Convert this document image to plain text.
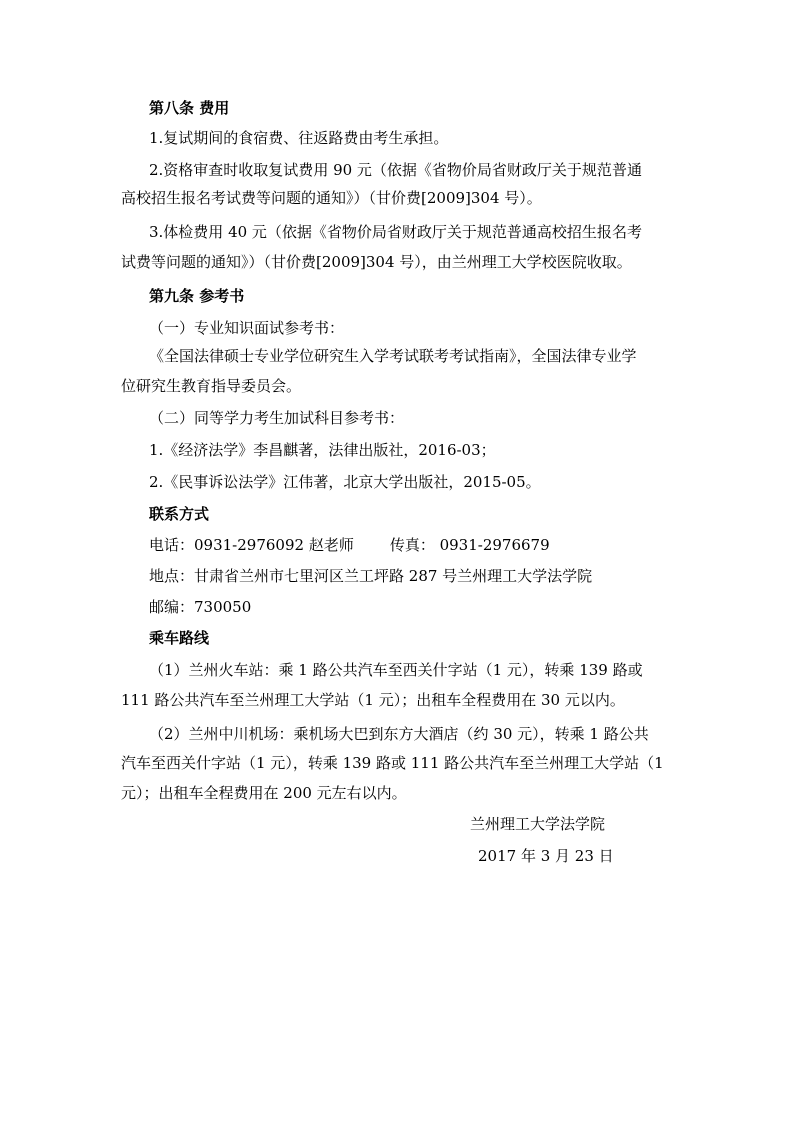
第八条 费用
1.复试期间的食宿费、往返路费由考生承担。
2.资格审查时收取复试费用 90 元（依据《省物价局省财政厅关于规范普通
高校招生报名考试费等问题的通知》）（甘价费[2009]304 号）。
3.体检费用 40 元（依据《省物价局省财政厅关于规范普通高校招生报名考
试费等问题的通知》）（甘价费[2009]304 号），由兰州理工大学校医院收取。
第九条 参考书
（一）专业知识面试参考书：
《全国法律硕士专业学位研究生入学考试联考考试指南》，全国法律专业学
位研究生教育指导委员会。
（二）同等学力考生加试科目参考书：
1.《经济法学》李昌麒著，法律出版社，2016-03；
2.《民事诉讼法学》江伟著，北京大学出版社，2015-05。
联系方式
电话：0931-2976092 赵老师 传真： 0931-2976679
地点：甘肃省兰州市七里河区兰工坪路 287 号兰州理工大学法学院
邮编：730050
乘车路线
（1）兰州火车站：乘 1 路公共汽车至西关什字站（1 元），转乘 139 路或
111 路公共汽车至兰州理工大学站（1 元）；出租车全程费用在 30 元以内。
（2）兰州中川机场：乘机场大巴到东方大酒店（约 30 元），转乘 1 路公共
汽车至西关什字站（1 元），转乘 139 路或 111 路公共汽车至兰州理工大学站（1
元）；出租车全程费用在 200 元左右以内。
兰州理工大学法学院
2017 年 3 月 23 日
